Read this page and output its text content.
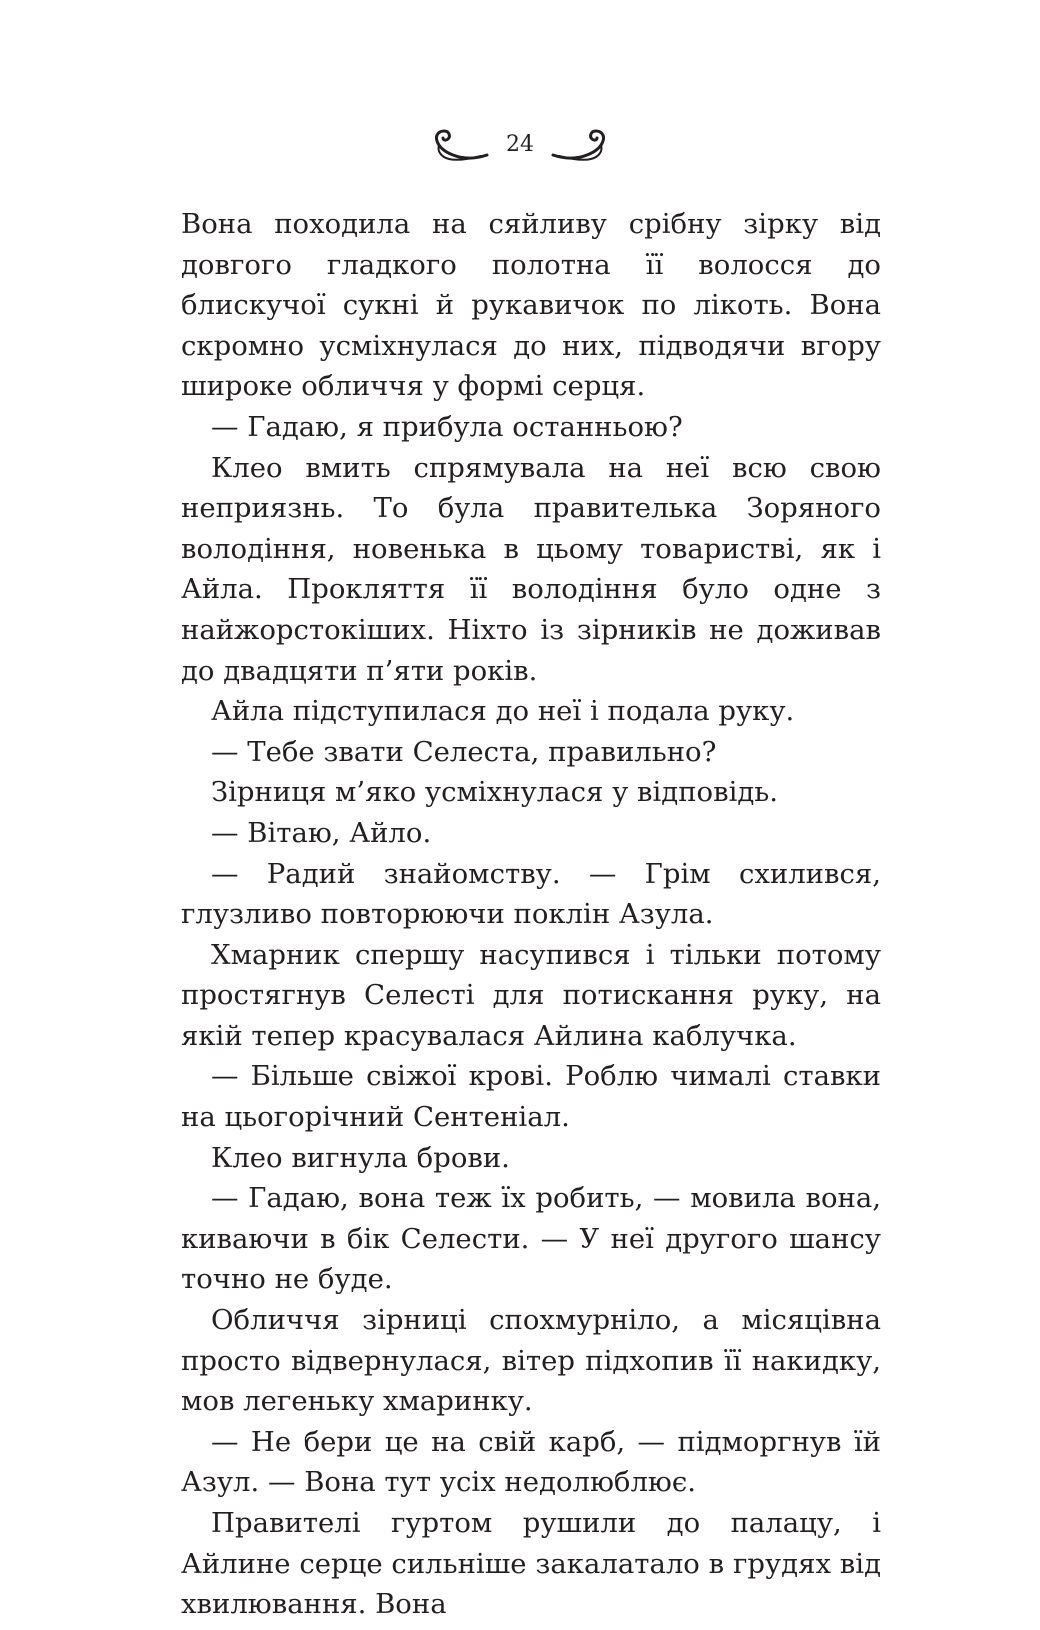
24

Вона походила на сяйливу срібну зірку від довгого гладкого полотна її волосся до блискучої сукні й рукавичок по лікоть. Вона скромно усміхнулася до них, підводячи вгору широке обличчя у формі серця.

— Гадаю, я прибула останньою?

Клео вмить спрямувала на неї всю свою неприязнь. То була правителька Зоряного володіння, новенька в цьому товаристві, як і Айла. Прокляття її володіння було одне з найжорстокіших. Ніхто із зірників не доживав до двадцяти п’яти років.

Айла підступилася до неї і подала руку.

— Тебе звати Селеста, правильно?

Зірниця м’яко усміхнулася у відповідь.

— Вітаю, Айло.

— Радий знайомству. — Грім схилився, глузливо повторюючи поклін Азула.

Хмарник спершу насупився і тільки потому простягнув Селесті для потискання руку, на якій тепер красувалася Айлина каблучка.

— Більше свіжої крові. Роблю чималі ставки на цьогорічний Сентеніал.

Клео вигнула брови.

— Гадаю, вона теж їх робить, — мовила вона, киваючи в бік Селести. — У неї другого шансу точно не буде.

Обличчя зірниці спохмурніло, а місяцівна просто відвернулася, вітер підхопив її накидку, мов легеньку хмаринку.

— Не бери це на свій карб, — підморгнув їй Азул. — Вона тут усіх недолюблює.

Правителі гуртом рушили до палацу, і Айлине серце сильніше закалатало в грудях від хвилювання. Вона
